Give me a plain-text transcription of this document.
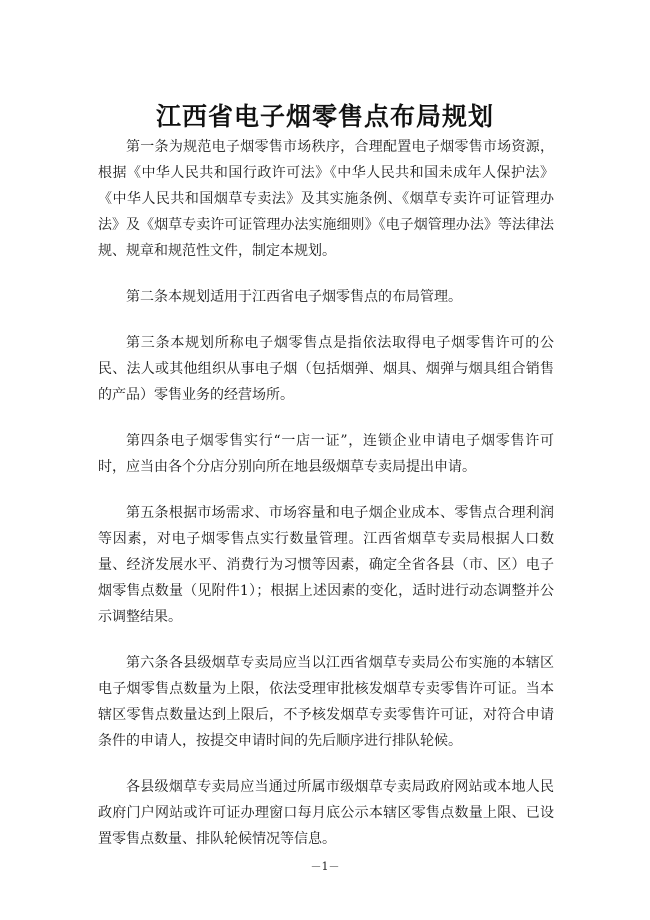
江西省电子烟零售点布局规划

第一条为规范电子烟零售市场秩序，合理配置电子烟零售市场资源，根据《中华人民共和国行政许可法》《中华人民共和国未成年人保护法》《中华人民共和国烟草专卖法》及其实施条例、《烟草专卖许可证管理办法》及《烟草专卖许可证管理办法实施细则》《电子烟管理办法》等法律法规、规章和规范性文件，制定本规划。

第二条本规划适用于江西省电子烟零售点的布局管理。

第三条本规划所称电子烟零售点是指依法取得电子烟零售许可的公民、法人或其他组织从事电子烟（包括烟弹、烟具、烟弹与烟具组合销售的产品）零售业务的经营场所。

第四条电子烟零售实行“一店一证”，连锁企业申请电子烟零售许可时，应当由各个分店分别向所在地县级烟草专卖局提出申请。

第五条根据市场需求、市场容量和电子烟企业成本、零售点合理利润等因素，对电子烟零售点实行数量管理。江西省烟草专卖局根据人口数量、经济发展水平、消费行为习惯等因素，确定全省各县（市、区）电子烟零售点数量（见附件1）；根据上述因素的变化，适时进行动态调整并公示调整结果。

第六条各县级烟草专卖局应当以江西省烟草专卖局公布实施的本辖区电子烟零售点数量为上限，依法受理审批核发烟草专卖零售许可证。当本辖区零售点数量达到上限后，不予核发烟草专卖零售许可证，对符合申请条件的申请人，按提交申请时间的先后顺序进行排队轮候。

各县级烟草专卖局应当通过所属市级烟草专卖局政府网站或本地人民政府门户网站或许可证办理窗口每月底公示本辖区零售点数量上限、已设置零售点数量、排队轮候情况等信息。

－1－
